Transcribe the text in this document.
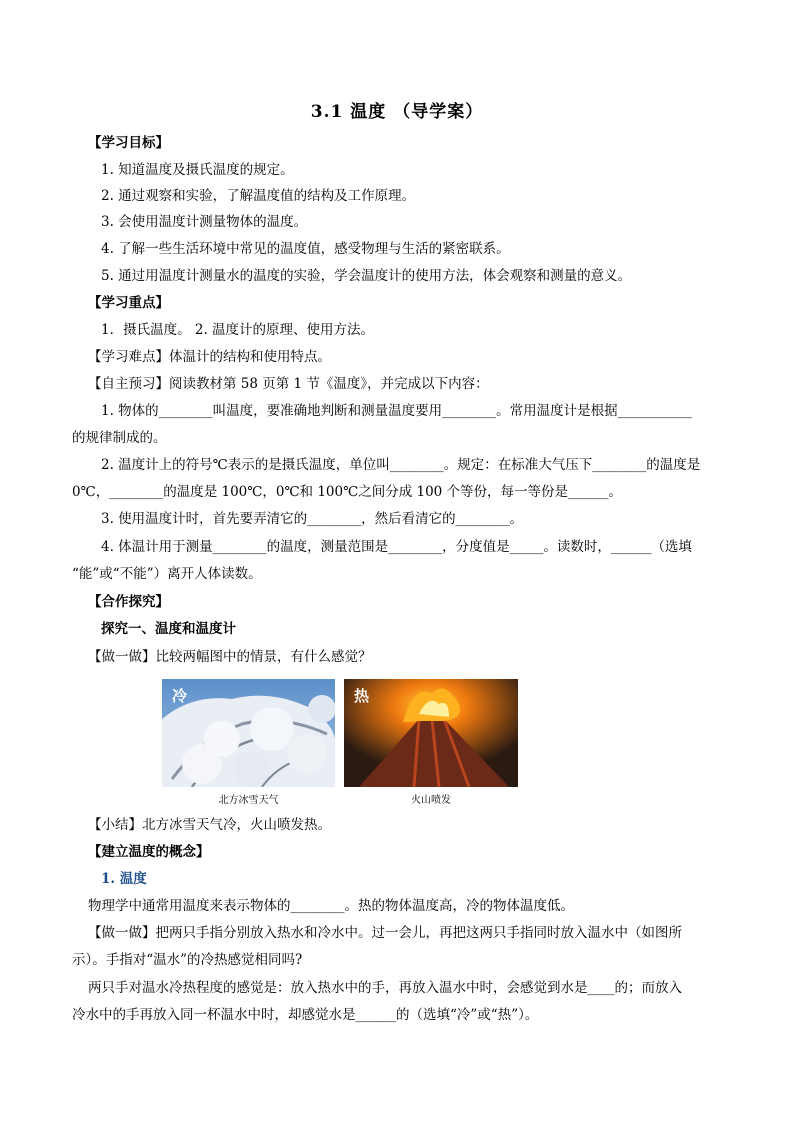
3.1 温度 （导学案）
【学习目标】
1. 知道温度及摄氏温度的规定。
2. 通过观察和实验，了解温度值的结构及工作原理。
3. 会使用温度计测量物体的温度。
4. 了解一些生活环境中常见的温度值，感受物理与生活的紧密联系。
5. 通过用温度计测量水的温度的实验，学会温度计的使用方法，体会观察和测量的意义。
【学习重点】
1．摄氏温度。 2. 温度计的原理、使用方法。
【学习难点】体温计的结构和使用特点。
【自主预习】阅读教材第 58 页第 1 节《温度》，并完成以下内容：
1. 物体的________叫温度，要准确地判断和测量温度要用________。常用温度计是根据___________
的规律制成的。
2. 温度计上的符号℃表示的是摄氏温度，单位叫________。规定：在标准大气压下________的温度是
0℃，________的温度是 100℃，0℃和 100℃之间分成 100 个等份，每一等份是______。
3. 使用温度计时，首先要弄清它的________，然后看清它的________。
4. 体温计用于测量________的温度，测量范围是________，分度值是_____。读数时，______（选填
“能”或“不能”）离开人体读数。
【合作探究】
探究一、温度和温度计
【做一做】比较两幅图中的情景，有什么感觉？
冷
北方冰雪天气
热
火山喷发
【小结】北方冰雪天气冷，火山喷发热。
【建立温度的概念】
1. 温度
物理学中通常用温度来表示物体的________。热的物体温度高，冷的物体温度低。
【做一做】把两只手指分别放入热水和冷水中。过一会儿，再把这两只手指同时放入温水中（如图所
示）。手指对“温水”的冷热感觉相同吗?
两只手对温水冷热程度的感觉是：放入热水中的手，再放入温水中时，会感觉到水是____的；而放入
冷水中的手再放入同一杯温水中时，却感觉水是______的（选填“冷”或“热”）。
